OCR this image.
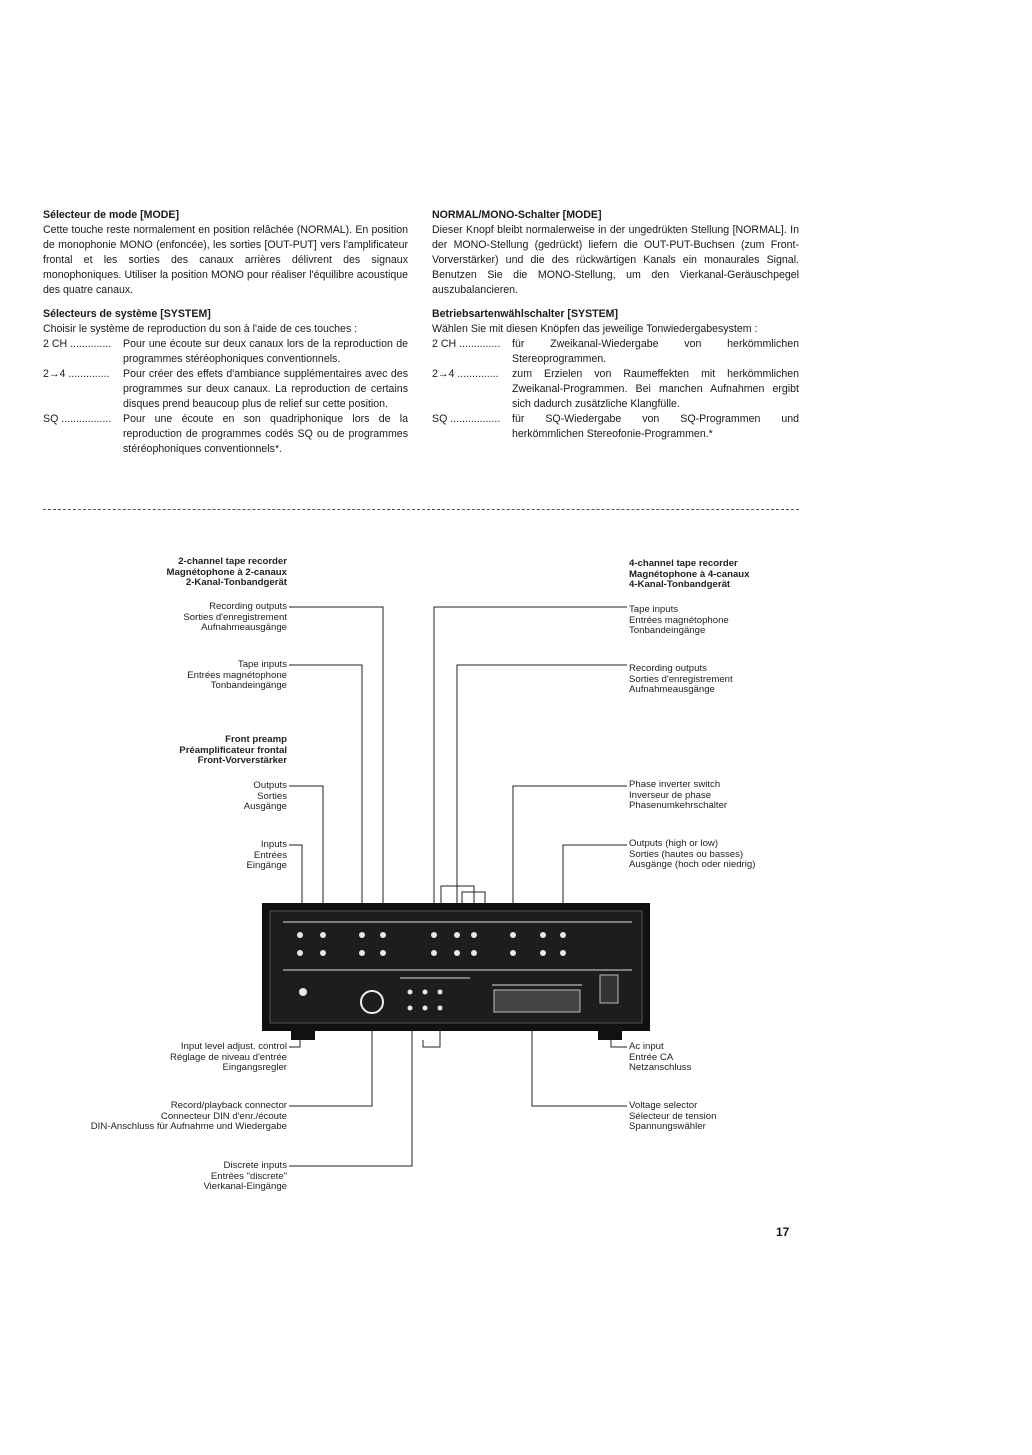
Sélecteur de mode [MODE]

Cette touche reste normalement en position relâchée (NORMAL). En position de monophonie MONO (enfoncée), les sorties [OUT-PUT] vers l'amplificateur frontal et les sorties des canaux arrières délivrent des signaux monophoniques. Utiliser la position MONO pour réaliser l'équilibre acoustique des quatre canaux.

Sélecteurs de système [SYSTEM]

Choisir le système de reproduction du son à l'aide de ces touches :

2 CH ..............	Pour une écoute sur deux canaux lors de la reproduction de programmes stéréophoniques conventionnels.
2→4 ..............	Pour créer des effets d'ambiance supplémentaires avec des programmes sur deux canaux. La reproduction de certains disques prend beaucoup plus de relief sur cette position.
SQ .................	Pour une écoute en son quadriphonique lors de la reproduction de programmes codés SQ ou de programmes stéréophoniques conventionnels*.

NORMAL/MONO-Schalter [MODE]

Dieser Knopf bleibt normalerweise in der ungedrükten Stellung [NORMAL]. In der MONO-Stellung (gedrückt) liefern die OUT-PUT-Buchsen (zum Front-Vorverstärker) und die des rückwärtigen Kanals ein monaurales Signal. Benutzen Sie die MONO-Stellung, um den Vierkanal-Geräuschpegel auszubalancieren.

Betriebsartenwählschalter [SYSTEM]

Wählen Sie mit diesen Knöpfen das jeweilige Tonwiedergabesystem :

2 CH ..............	für Zweikanal-Wiedergabe von herkömmlichen Stereoprogrammen.
2→4 ..............	zum Erzielen von Raumeffekten mit herkömmlichen Zweikanal-Programmen. Bei manchen Aufnahmen ergibt sich dadurch zusätzliche Klangfülle.
SQ .................	für SQ-Wiedergabe von SQ-Programmen und herkömmlichen Stereofonie-Programmen.*
2-channel tape recorder
Magnétophone à 2-canaux
2-Kanal-Tonbandgerät
Recording outputs
Sorties d'enregistrement
Aufnahmeausgänge
Tape inputs
Entrées magnétophone
Tonbandeingänge
Front preamp
Préamplificateur frontal
Front-Vorverstärker
Outputs
Sorties
Ausgänge
Inputs
Entrées
Eingänge
Input level adjust. control
Réglage de niveau d'entrée
Eingangsregler
Record/playback connector
Connecteur DIN d'enr./écoute
DIN-Anschluss für Aufnahme und Wiedergabe
Discrete inputs
Entrées "discrete"
Vierkanal-Eingänge
4-channel tape recorder
Magnétophone à 4-canaux
4-Kanal-Tonbandgerät
Tape inputs
Entrées magnétophone
Tonbandeingänge
Recording outputs
Sorties d'enregistrement
Aufnahmeausgänge
Phase inverter switch
Inverseur de phase
Phasenumkehrschalter
Outputs (high or low)
Sorties (hautes ou basses)
Ausgänge (hoch oder niedrig)
Ac input
Entrée CA
Netzanschluss
Voltage selector
Sélecteur de tension
Spannungswähler
17
